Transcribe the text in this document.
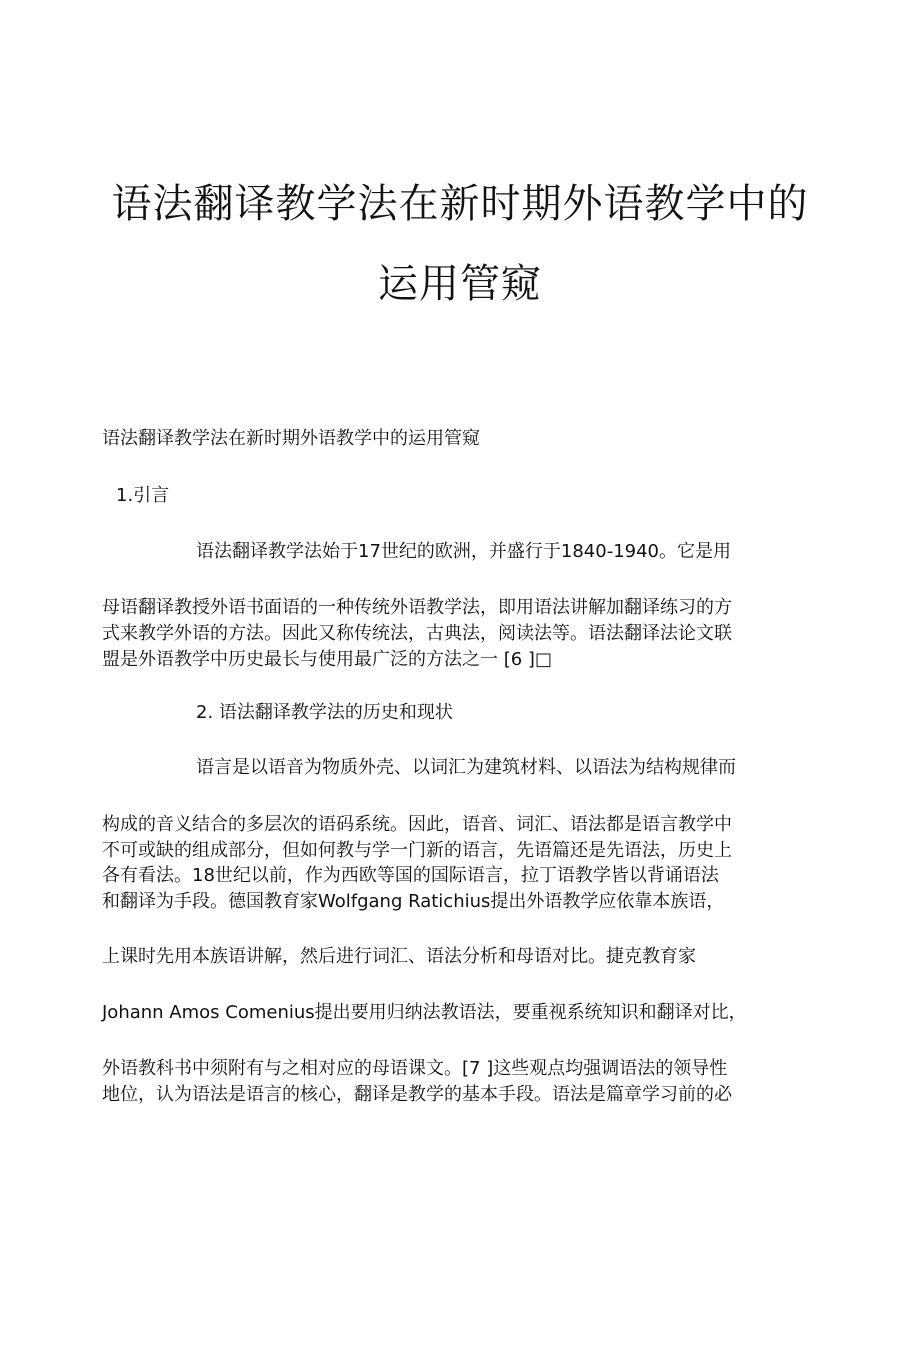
语法翻译教学法在新时期外语教学中的
运用管窥
语法翻译教学法在新时期外语教学中的运用管窥
1.引言
语法翻译教学法始于17世纪的欧洲，并盛行于1840-1940。它是用
母语翻译教授外语书面语的一种传统外语教学法，即用语法讲解加翻译练习的方
式来教学外语的方法。因此又称传统法，古典法，阅读法等。语法翻译法论文联
盟是外语教学中历史最长与使用最广泛的方法之一 [6 ]□
2. 语法翻译教学法的历史和现状
语言是以语音为物质外壳、以词汇为建筑材料、以语法为结构规律而
构成的音义结合的多层次的语码系统。因此，语音、词汇、语法都是语言教学中
不可或缺的组成部分，但如何教与学一门新的语言，先语篇还是先语法，历史上
各有看法。18世纪以前，作为西欧等国的国际语言，拉丁语教学皆以背诵语法
和翻译为手段。德国教育家Wolfgang Ratichius提出外语教学应依靠本族语，
上课时先用本族语讲解，然后进行词汇、语法分析和母语对比。捷克教育家
Johann Amos Comenius提出要用归纳法教语法，要重视系统知识和翻译对比，
外语教科书中须附有与之相对应的母语课文。[7 ]这些观点均强调语法的领导性
地位，认为语法是语言的核心，翻译是教学的基本手段。语法是篇章学习前的必
